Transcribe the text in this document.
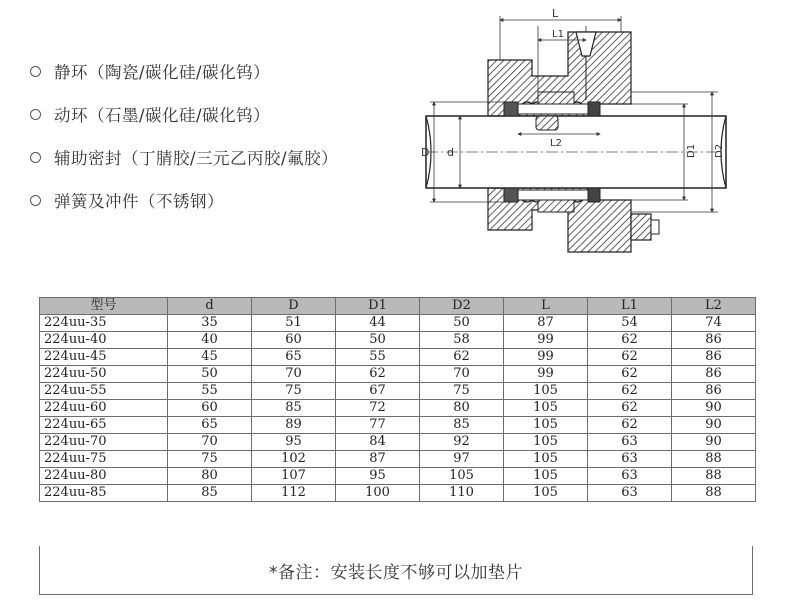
静环（陶瓷/碳化硅/碳化钨）
动环（石墨/碳化硅/碳化钨）
辅助密封（丁腈胶/三元乙丙胶/氟胶）
弹簧及冲件（不锈钢）
L
L1
L2
D d	D1 D2
型号	d	D	D1	D2	L	L1	L2
224uu-35	35	51	44	50	87	54	74
224uu-40	40	60	50	58	99	62	86
224uu-45	45	65	55	62	99	62	86
224uu-50	50	70	62	70	99	62	86
224uu-55	55	75	67	75	105	62	86
224uu-60	60	85	72	80	105	62	90
224uu-65	65	89	77	85	105	62	90
224uu-70	70	95	84	92	105	63	90
224uu-75	75	102	87	97	105	63	88
224uu-80	80	107	95	105	105	63	88
224uu-85	85	112	100	110	105	63	88
*备注：安装长度不够可以加垫片
